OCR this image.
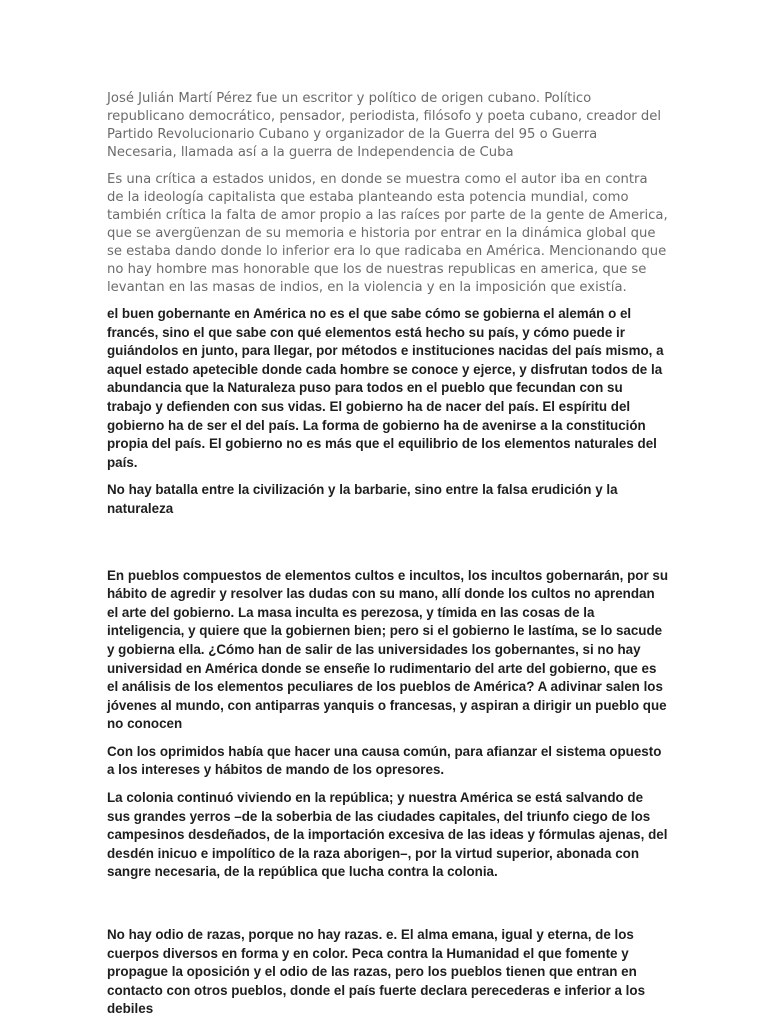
José Julián Martí Pérez fue un escritor y político de origen cubano. Político republicano democrático, pensador, periodista, filósofo y poeta cubano, creador del Partido Revolucionario Cubano y organizador de la Guerra del 95 o Guerra Necesaria, llamada así a la guerra de Independencia de Cuba

Es una crítica a estados unidos, en donde se muestra como el autor iba en contra de la ideología capitalista que estaba planteando esta potencia mundial, como también crítica la falta de amor propio a las raíces por parte de la gente de America, que se avergüenzan de su memoria e historia por entrar en la dinámica global que se estaba dando donde lo inferior era lo que radicaba en América. Mencionando que no hay hombre mas honorable que los de nuestras republicas en america, que se levantan en las masas de indios, en la violencia y en la imposición que existía.

el buen gobernante en América no es el que sabe cómo se gobierna el alemán o el francés, sino el que sabe con qué elementos está hecho su país, y cómo puede ir guiándolos en junto, para llegar, por métodos e instituciones nacidas del país mismo, a aquel estado apetecible donde cada hombre se conoce y ejerce, y disfrutan todos de la abundancia que la Naturaleza puso para todos en el pueblo que fecundan con su trabajo y defienden con sus vidas. El gobierno ha de nacer del país. El espíritu del gobierno ha de ser el del país. La forma de gobierno ha de avenirse a la constitución propia del país. El gobierno no es más que el equilibrio de los elementos naturales del país.

No hay batalla entre la civilización y la barbarie, sino entre la falsa erudición y la naturaleza

En pueblos compuestos de elementos cultos e incultos, los incultos gobernarán, por su hábito de agredir y resolver las dudas con su mano, allí donde los cultos no aprendan el arte del gobierno. La masa inculta es perezosa, y tímida en las cosas de la inteligencia, y quiere que la gobiernen bien; pero si el gobierno le lastíma, se lo sacude y gobierna ella. ¿Cómo han de salir de las universidades los gobernantes, si no hay universidad en América donde se enseñe lo rudimentario del arte del gobierno, que es el análisis de los elementos peculiares de los pueblos de América? A adivinar salen los jóvenes al mundo, con antiparras yanquis o francesas, y aspiran a dirigir un pueblo que no conocen

Con los oprimidos había que hacer una causa común, para afianzar el sistema opuesto a los intereses y hábitos de mando de los opresores.

La colonia continuó viviendo en la república; y nuestra América se está salvando de sus grandes yerros –de la soberbia de las ciudades capitales, del triunfo ciego de los campesinos desdeñados, de la importación excesiva de las ideas y fórmulas ajenas, del desdén inicuo e impolítico de la raza aborigen–, por la virtud superior, abonada con sangre necesaria, de la república que lucha contra la colonia.

No hay odio de razas, porque no hay razas. e. El alma emana, igual y eterna, de los cuerpos diversos en forma y en color. Peca contra la Humanidad el que fomente y propague la oposición y el odio de las razas, pero los pueblos tienen que entran en contacto con otros pueblos, donde el país fuerte declara perecederas e inferior a los debiles
